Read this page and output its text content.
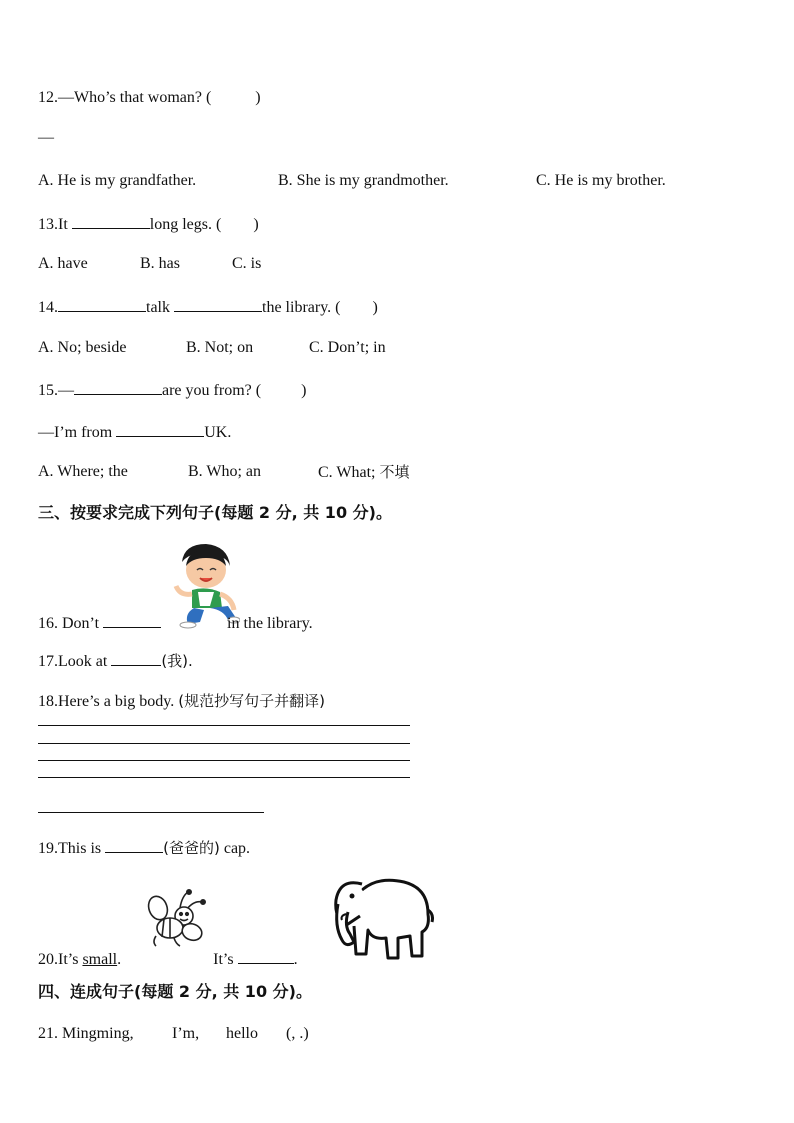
12.—Who’s that woman? (	)
—
A. He is my grandfather.	B. She is my grandmother.	C. He is my brother.
13.It	long legs. ( )
A. have	B. has	C. is
14.	talk	the library. ( )
A. No; beside	B. Not; on	C. Don’t; in
15.—	are you from? (	)
—I’m from	UK.
A. Where; the	B. Who; an	C. What; 不填
三、按要求完成下列句子(每题 2 分, 共 10 分)。
16. Don’t	in the library.
17.Look at	(我).
18.Here’s a big body. (规范抄写句子并翻译)
19.This is	(爸爸的) cap.
20.It’s small.	It’s	.
四、连成句子(每题 2 分, 共 10 分)。
21. Mingming, I’m, hello (, .)
